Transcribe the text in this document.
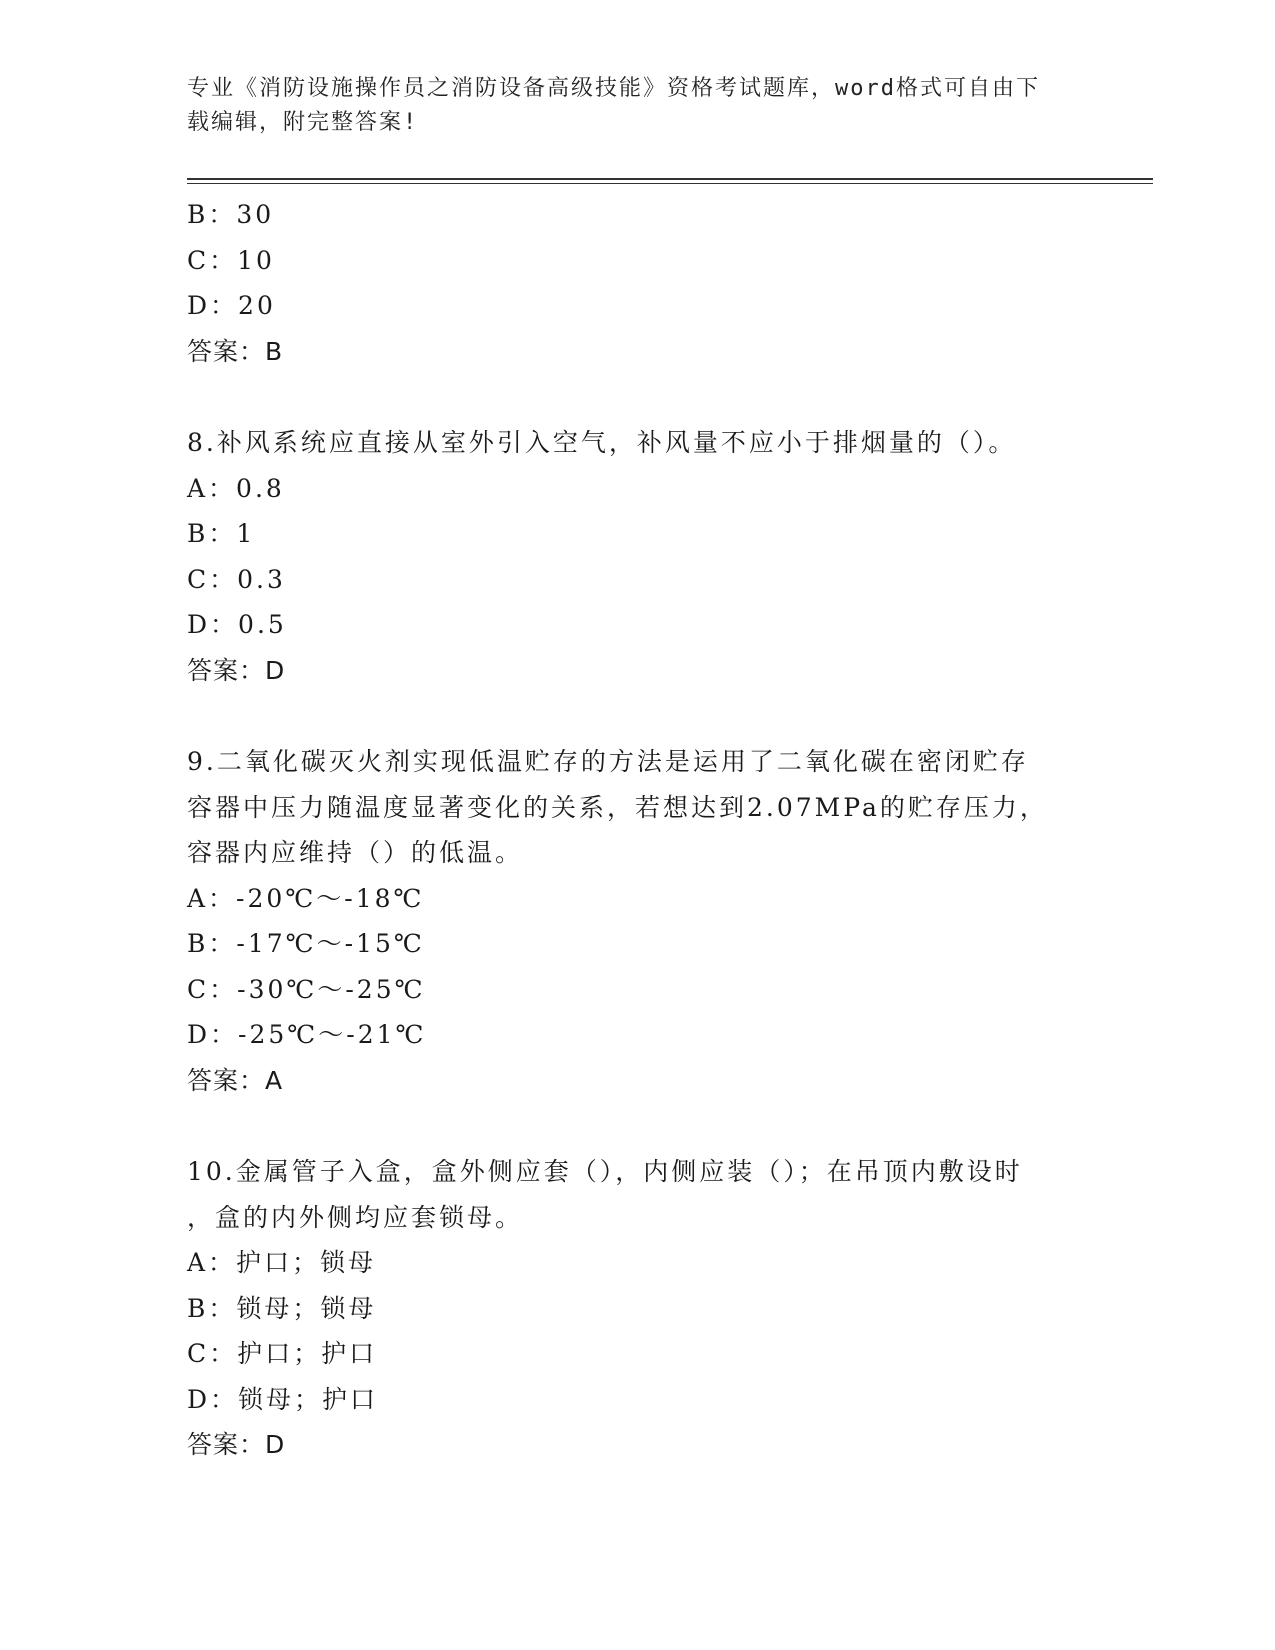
专业《消防设施操作员之消防设备高级技能》资格考试题库，word格式可自由下
载编辑，附完整答案!
B：30
C：10
D：20
答案：B
8.补风系统应直接从室外引入空气，补风量不应小于排烟量的（）。
A：0.8
B：1
C：0.3
D：0.5
答案：D
9.二氧化碳灭火剂实现低温贮存的方法是运用了二氧化碳在密闭贮存
容器中压力随温度显著变化的关系，若想达到2.07MPa的贮存压力，
容器内应维持（）的低温。
A：-20℃～-18℃
B：-17℃～-15℃
C：-30℃～-25℃
D：-25℃～-21℃
答案：A
10.金属管子入盒，盒外侧应套（），内侧应装（）；在吊顶内敷设时
，盒的内外侧均应套锁母。
A：护口；锁母
B：锁母；锁母
C：护口；护口
D：锁母；护口
答案：D
